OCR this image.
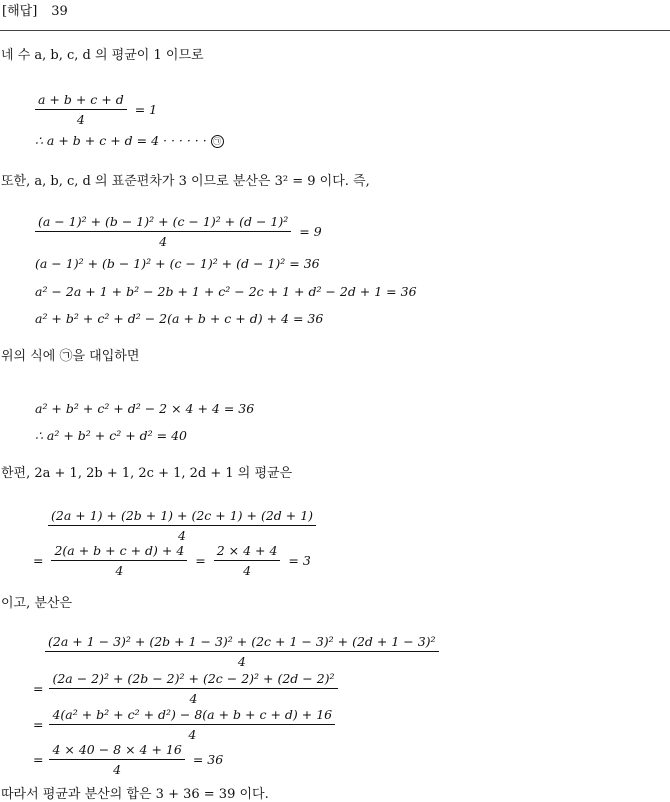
[해답] 39
네 수 a, b, c, d 의 평균이 1 이므로
$\frac{a + b + c + d}{4} = 1$
∴ a + b + c + d = 4 · · · · · · ㉠
또한, a, b, c, d 의 표준편차가 3 이므로 분산은 3² = 9 이다. 즉,
$\frac{\text{(a − 1)² + (b − 1)² + (c − 1)² + (d − 1)²}}{4} = 9$
(a − 1)² + (b − 1)² + (c − 1)² + (d − 1)² = 36
a² − 2a + 1 + b² − 2b + 1 + c² − 2c + 1 + d² − 2d + 1 = 36
a² + b² + c² + d² − 2(a + b + c + d) + 4 = 36
위의 식에 ㉠을 대입하면
a² + b² + c² + d² − 2 × 4 + 4 = 36
∴ a² + b² + c² + d² = 40
한편, 2a + 1, 2b + 1, 2c + 1, 2d + 1 의 평균은
$\frac{(2a + 1) + (2b + 1) + (2c + 1) + (2d + 1)}{4}$
= $\frac{2(a + b + c + d) + 4}{4} = \frac{2 \times 4 + 4}{4} = 3$
이고, 분산은
(2a + 1 − 3)² + (2b + 1 − 3)² + (2c + 1 − 3)² + (2d + 1 − 3)²
4
= $\frac{\text{(2a − 2)² + (2b − 2)² + (2c − 2)² + (2d − 2)²}}{4}$
= $\frac{\text{4(a² + b² + c² + d²) − 8(a + b + c + d) + 16}}{4}$
= $\frac{4 \times 40 - 8 \times 4 + 16}{4} = 36$
따라서 평균과 분산의 합은 3 + 36 = 39 이다.
